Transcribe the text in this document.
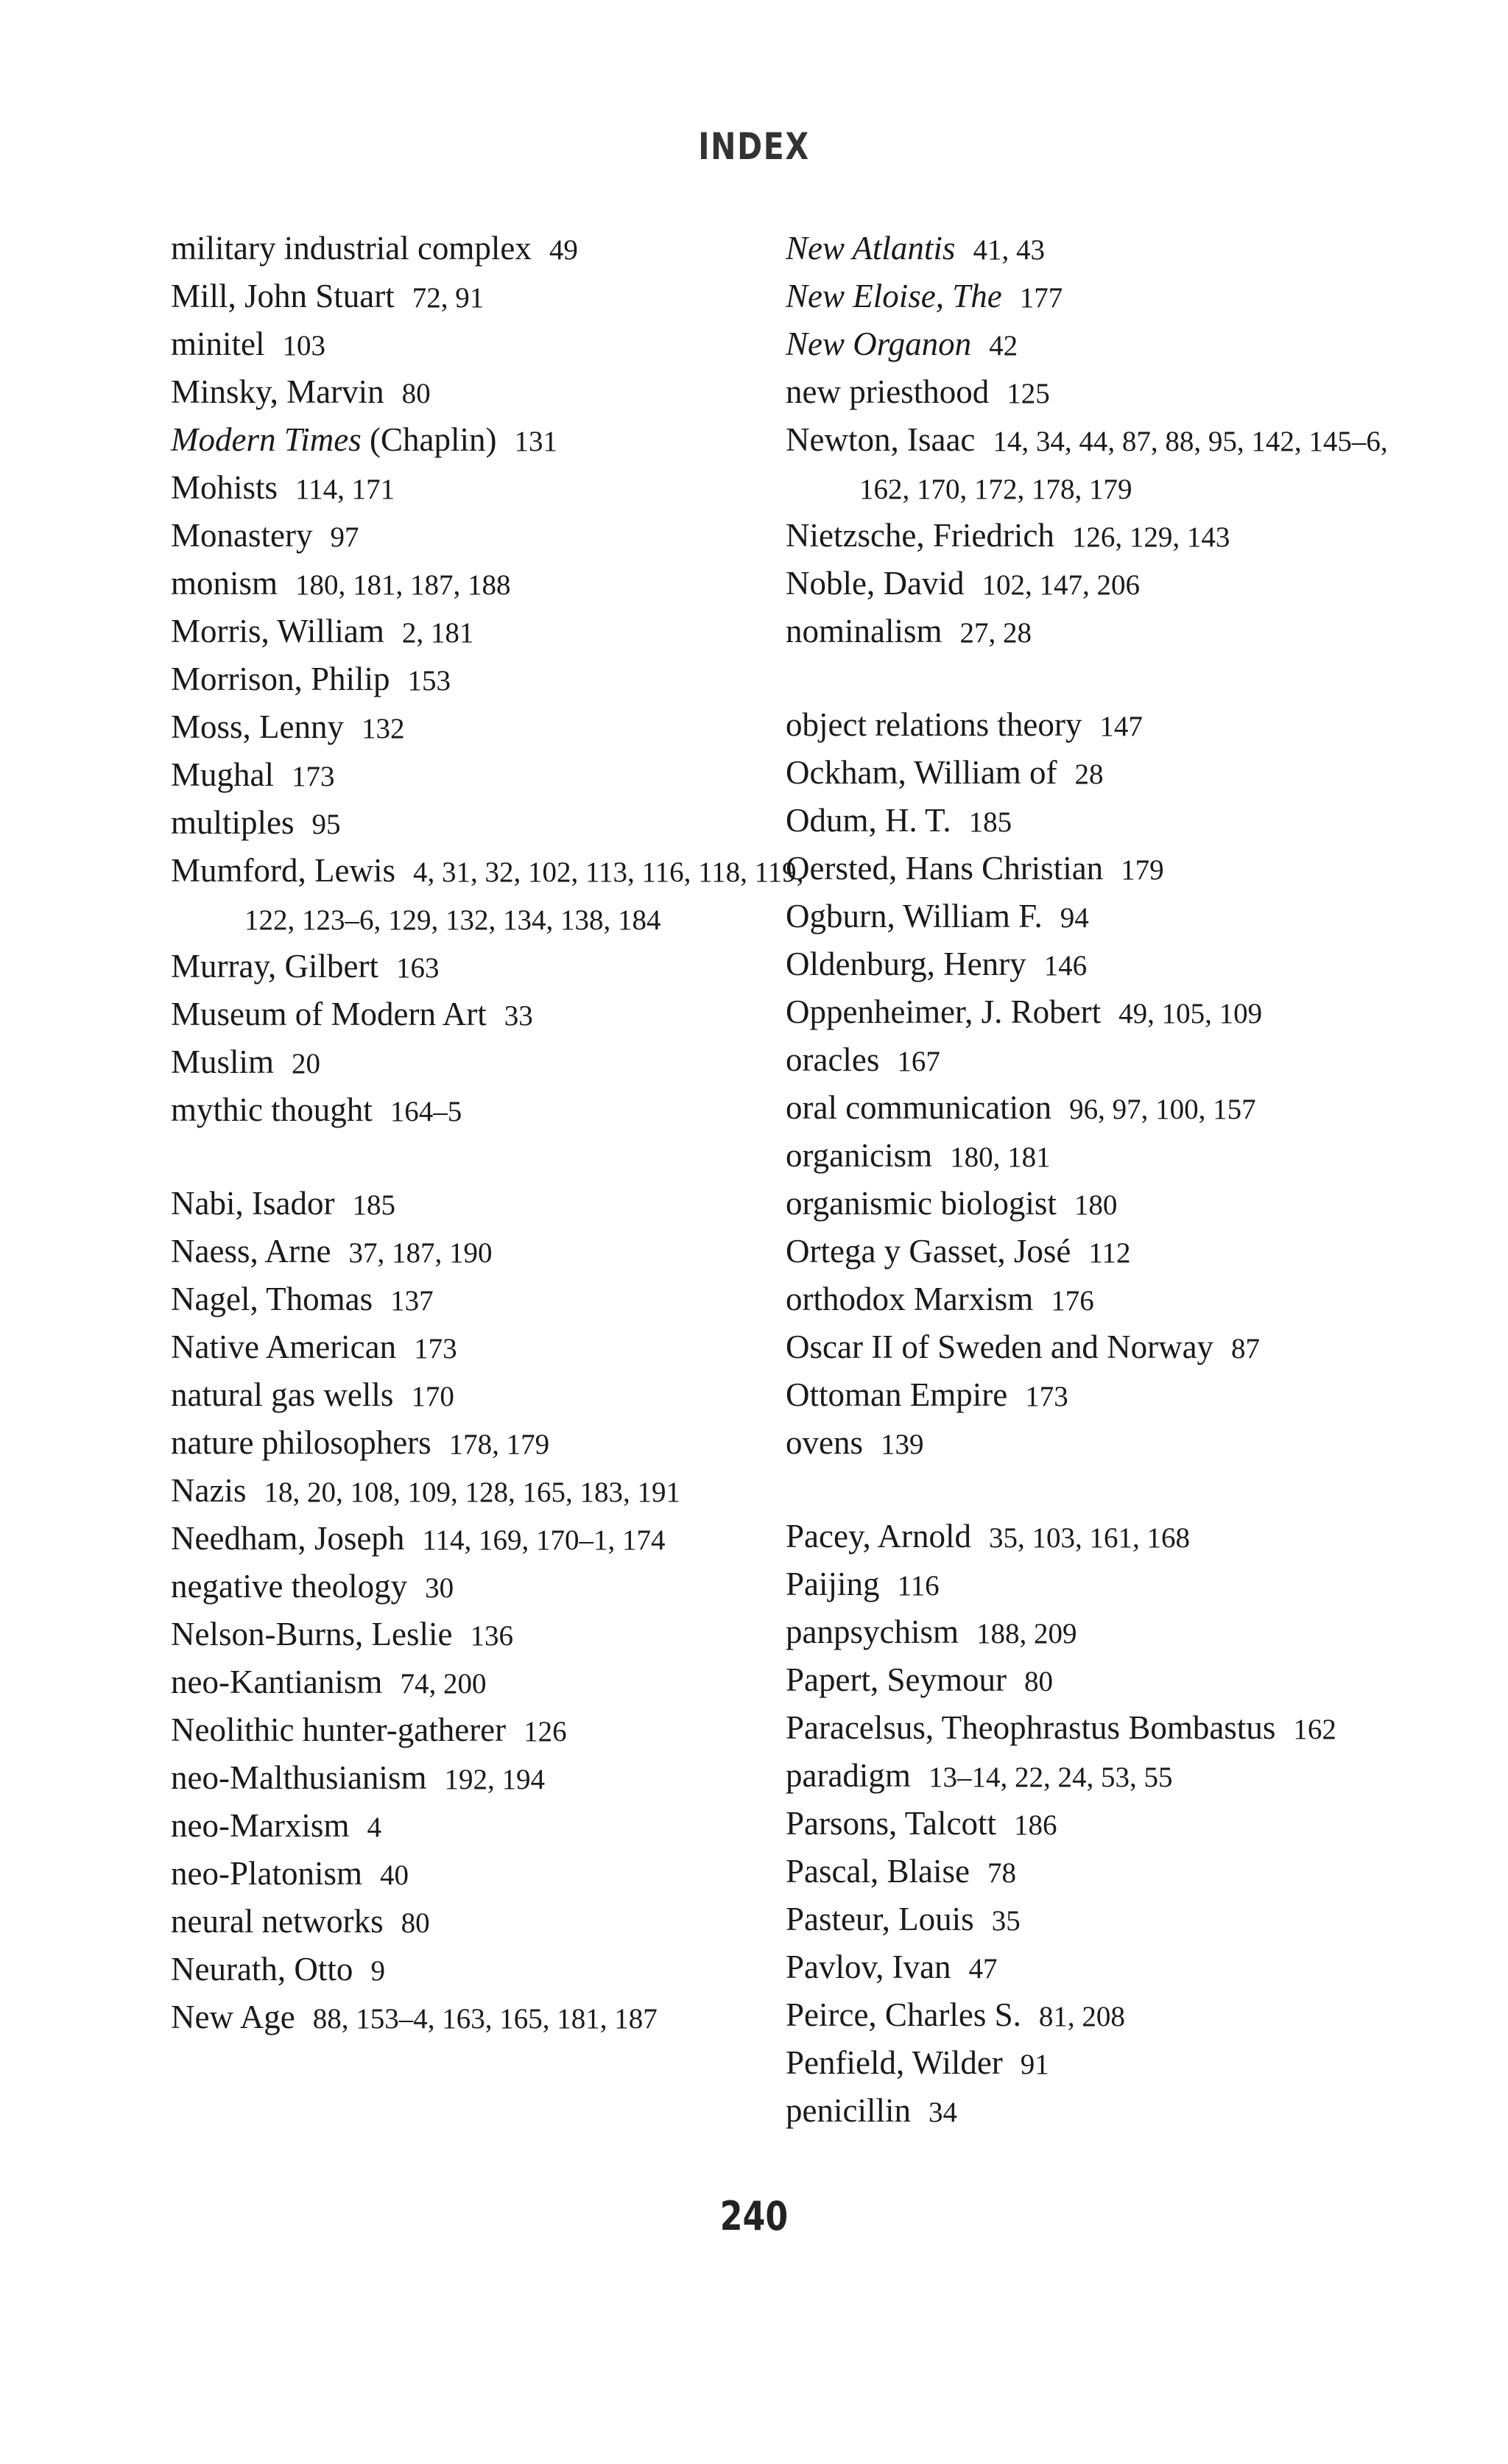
INDEX
military industrial complex 49
Mill, John Stuart 72, 91
minitel 103
Minsky, Marvin 80
Modern Times (Chaplin) 131
Mohists 114, 171
Monastery 97
monism 180, 181, 187, 188
Morris, William 2, 181
Morrison, Philip 153
Moss, Lenny 132
Mughal 173
multiples 95
Mumford, Lewis 4, 31, 32, 102, 113, 116, 118, 119, 122, 123–6, 129, 132, 134, 138, 184
Murray, Gilbert 163
Museum of Modern Art 33
Muslim 20
mythic thought 164–5
Nabi, Isador 185
Naess, Arne 37, 187, 190
Nagel, Thomas 137
Native American 173
natural gas wells 170
nature philosophers 178, 179
Nazis 18, 20, 108, 109, 128, 165, 183, 191
Needham, Joseph 114, 169, 170–1, 174
negative theology 30
Nelson-Burns, Leslie 136
neo-Kantianism 74, 200
Neolithic hunter-gatherer 126
neo-Malthusianism 192, 194
neo-Marxism 4
neo-Platonism 40
neural networks 80
Neurath, Otto 9
New Age 88, 153–4, 163, 165, 181, 187
New Atlantis 41, 43
New Eloise, The 177
New Organon 42
new priesthood 125
Newton, Isaac 14, 34, 44, 87, 88, 95, 142, 145–6, 162, 170, 172, 178, 179
Nietzsche, Friedrich 126, 129, 143
Noble, David 102, 147, 206
nominalism 27, 28
object relations theory 147
Ockham, William of 28
Odum, H. T. 185
Oersted, Hans Christian 179
Ogburn, William F. 94
Oldenburg, Henry 146
Oppenheimer, J. Robert 49, 105, 109
oracles 167
oral communication 96, 97, 100, 157
organicism 180, 181
organismic biologist 180
Ortega y Gasset, José 112
orthodox Marxism 176
Oscar II of Sweden and Norway 87
Ottoman Empire 173
ovens 139
Pacey, Arnold 35, 103, 161, 168
Paijing 116
panpsychism 188, 209
Papert, Seymour 80
Paracelsus, Theophrastus Bombastus 162
paradigm 13–14, 22, 24, 53, 55
Parsons, Talcott 186
Pascal, Blaise 78
Pasteur, Louis 35
Pavlov, Ivan 47
Peirce, Charles S. 81, 208
Penfield, Wilder 91
penicillin 34
240
